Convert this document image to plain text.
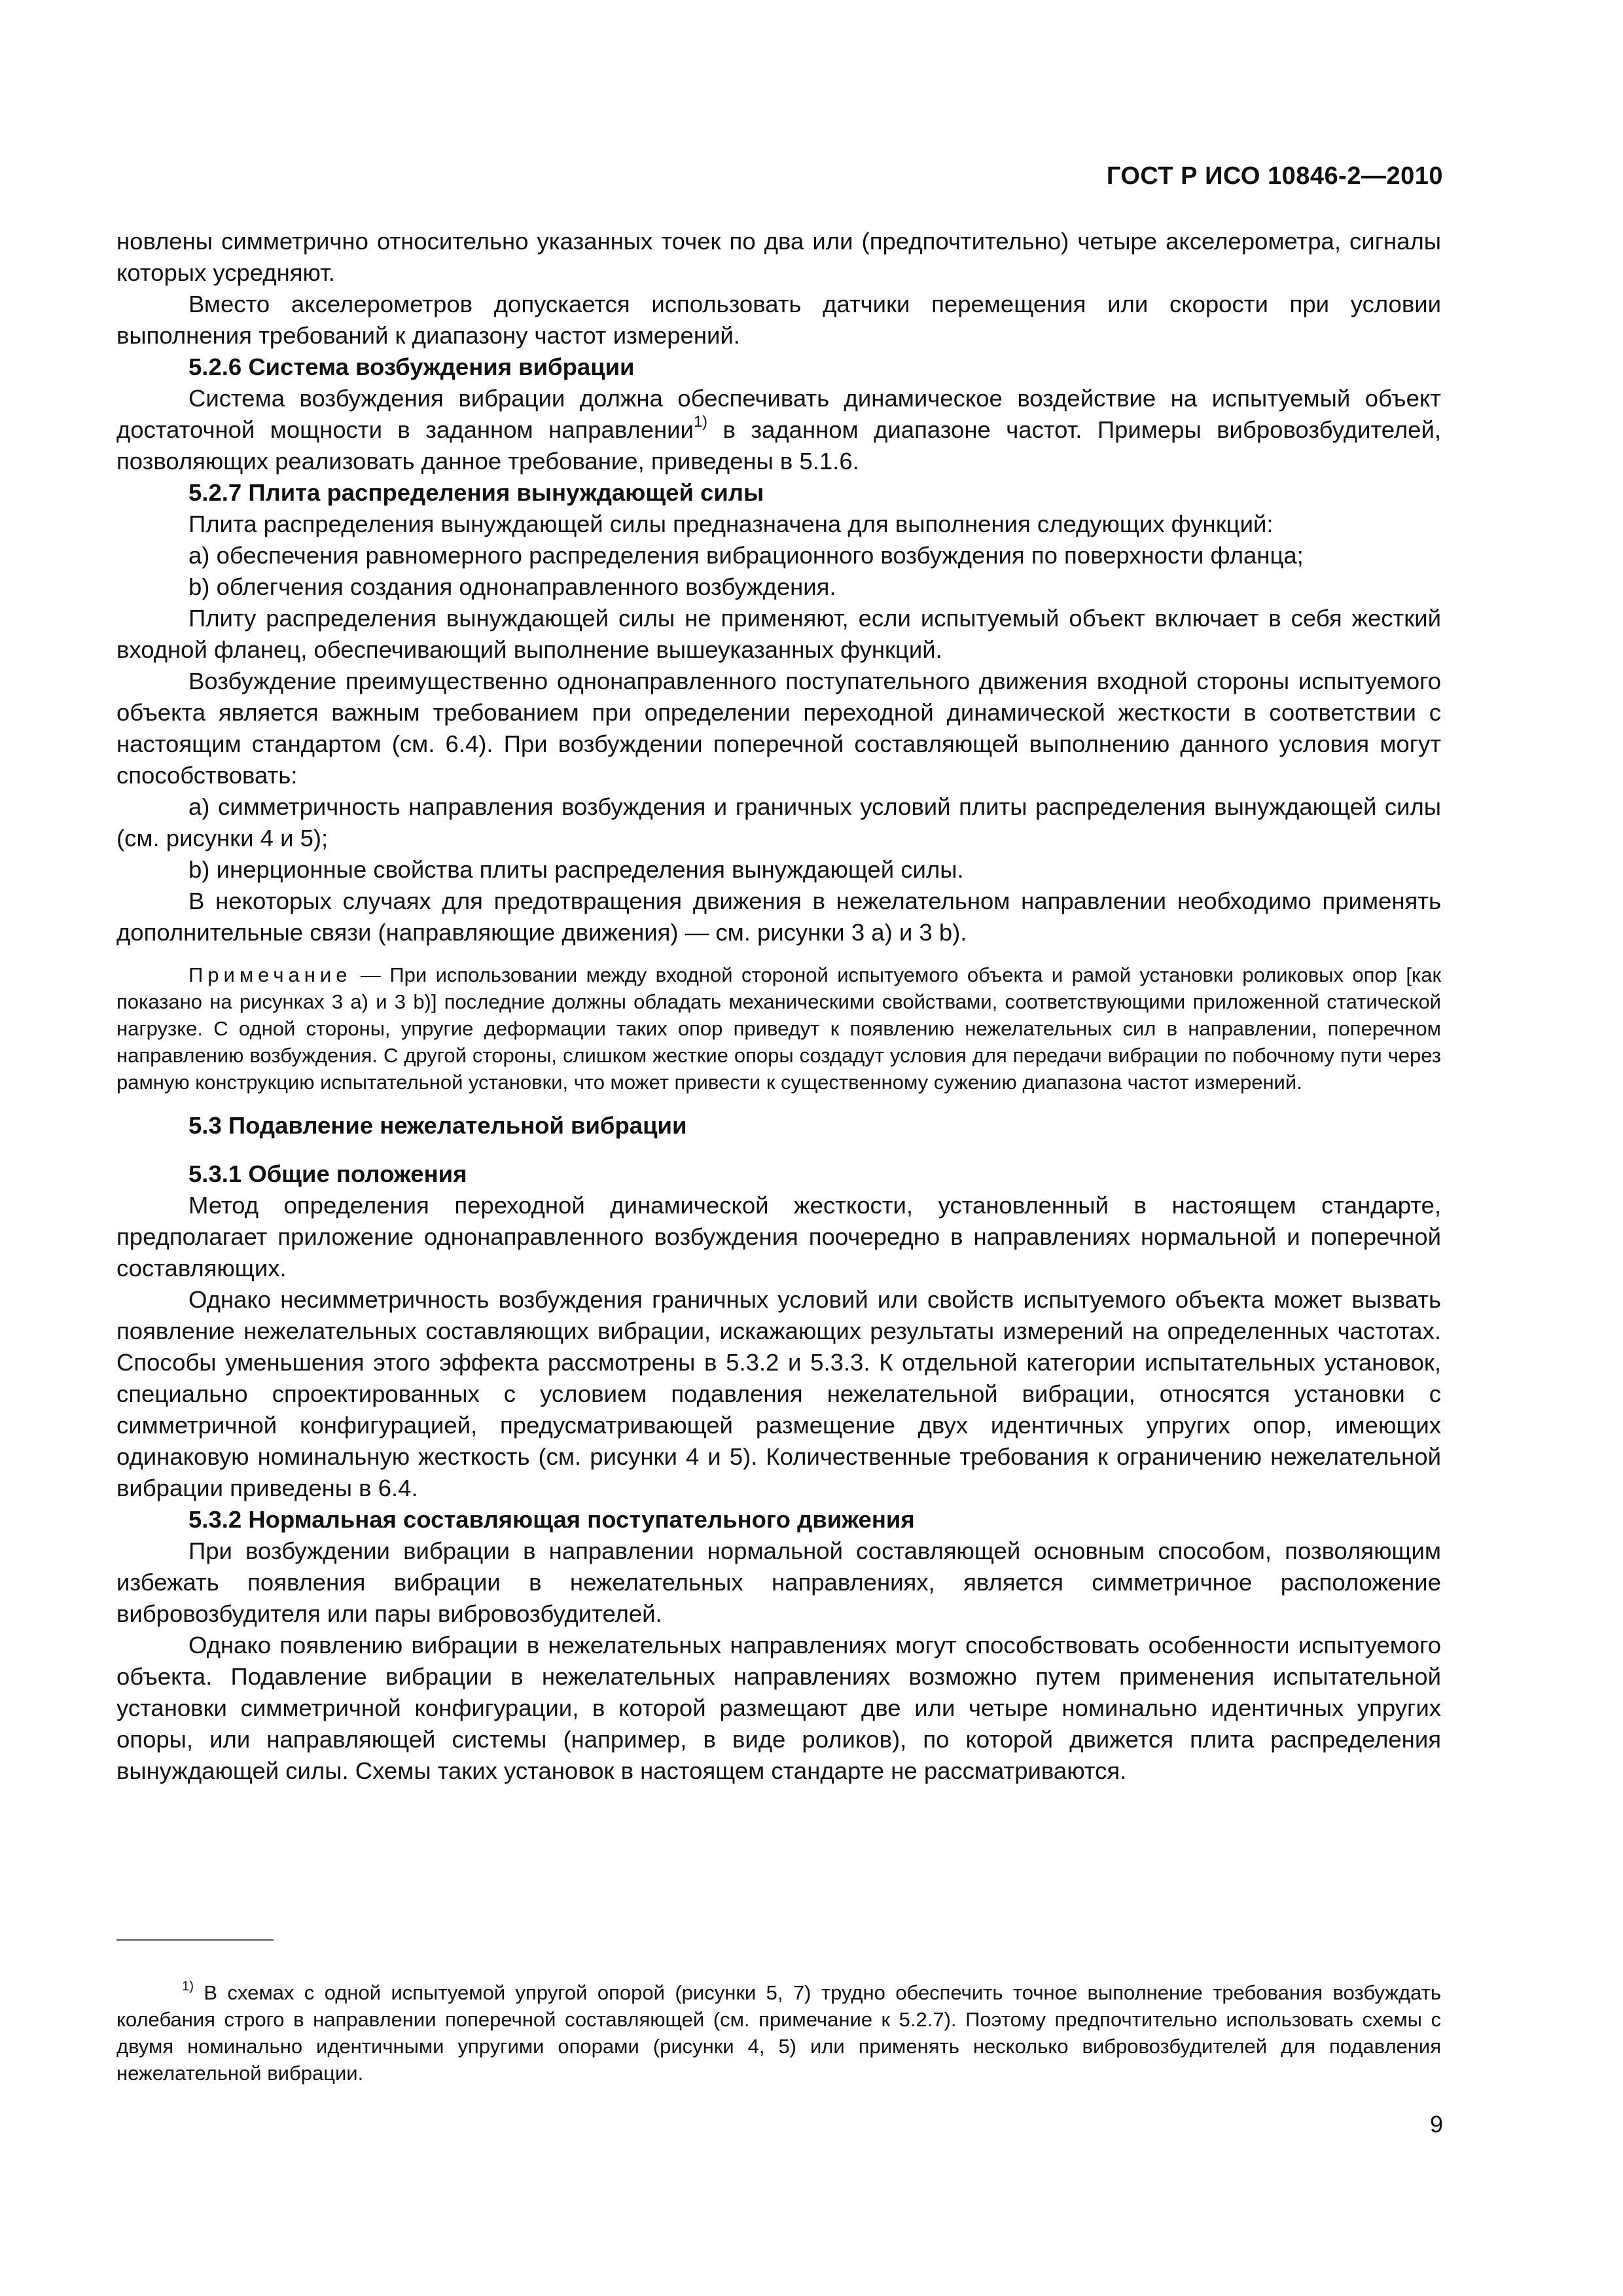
ГОСТ Р ИСО 10846-2—2010

новлены симметрично относительно указанных точек по два или (предпочтительно) четыре акселерометра, сигналы которых усредняют.

Вместо акселерометров допускается использовать датчики перемещения или скорости при условии выполнения требований к диапазону частот измерений.

5.2.6 Система возбуждения вибрации

Система возбуждения вибрации должна обеспечивать динамическое воздействие на испытуемый объект достаточной мощности в заданном направлении$^{1)}$ в заданном диапазоне частот. Примеры вибровозбудителей, позволяющих реализовать данное требование, приведены в 5.1.6.

5.2.7 Плита распределения вынуждающей силы

Плита распределения вынуждающей силы предназначена для выполнения следующих функций:

a) обеспечения равномерного распределения вибрационного возбуждения по поверхности фланца;

b) облегчения создания однонаправленного возбуждения.

Плиту распределения вынуждающей силы не применяют, если испытуемый объект включает в себя жесткий входной фланец, обеспечивающий выполнение вышеуказанных функций.

Возбуждение преимущественно однонаправленного поступательного движения входной стороны испытуемого объекта является важным требованием при определении переходной динамической жесткости в соответствии с настоящим стандартом (см. 6.4). При возбуждении поперечной составляющей выполнению данного условия могут способствовать:

a) симметричность направления возбуждения и граничных условий плиты распределения вынуждающей силы (см. рисунки 4 и 5);

b) инерционные свойства плиты распределения вынуждающей силы.

В некоторых случаях для предотвращения движения в нежелательном направлении необходимо применять дополнительные связи (направляющие движения) — см. рисунки 3 a) и 3 b).

Примечание — При использовании между входной стороной испытуемого объекта и рамой установки роликовых опор [как показано на рисунках 3 a) и 3 b)] последние должны обладать механическими свойствами, соответствующими приложенной статической нагрузке. С одной стороны, упругие деформации таких опор приведут к появлению нежелательных сил в направлении, поперечном направлению возбуждения. С другой стороны, слишком жесткие опоры создадут условия для передачи вибрации по побочному пути через рамную конструкцию испытательной установки, что может привести к существенному сужению диапазона частот измерений.

5.3 Подавление нежелательной вибрации

5.3.1 Общие положения

Метод определения переходной динамической жесткости, установленный в настоящем стандарте, предполагает приложение однонаправленного возбуждения поочередно в направлениях нормальной и поперечной составляющих.

Однако несимметричность возбуждения граничных условий или свойств испытуемого объекта может вызвать появление нежелательных составляющих вибрации, искажающих результаты измерений на определенных частотах. Способы уменьшения этого эффекта рассмотрены в 5.3.2 и 5.3.3. К отдельной категории испытательных установок, специально спроектированных с условием подавления нежелательной вибрации, относятся установки с симметричной конфигурацией, предусматривающей размещение двух идентичных упругих опор, имеющих одинаковую номинальную жесткость (см. рисунки 4 и 5). Количественные требования к ограничению нежелательной вибрации приведены в 6.4.

5.3.2 Нормальная составляющая поступательного движения

При возбуждении вибрации в направлении нормальной составляющей основным способом, позволяющим избежать появления вибрации в нежелательных направлениях, является симметричное расположение вибровозбудителя или пары вибровозбудителей.

Однако появлению вибрации в нежелательных направлениях могут способствовать особенности испытуемого объекта. Подавление вибрации в нежелательных направлениях возможно путем применения испытательной установки симметричной конфигурации, в которой размещают две или четыре номинально идентичных упругих опоры, или направляющей системы (например, в виде роликов), по которой движется плита распределения вынуждающей силы. Схемы таких установок в настоящем стандарте не рассматриваются.

$^{1)}$ В схемах с одной испытуемой упругой опорой (рисунки 5, 7) трудно обеспечить точное выполнение требования возбуждать колебания строго в направлении поперечной составляющей (см. примечание к 5.2.7). Поэтому предпочтительно использовать схемы с двумя номинально идентичными упругими опорами (рисунки 4, 5) или применять несколько вибровозбудителей для подавления нежелательной вибрации.

9
